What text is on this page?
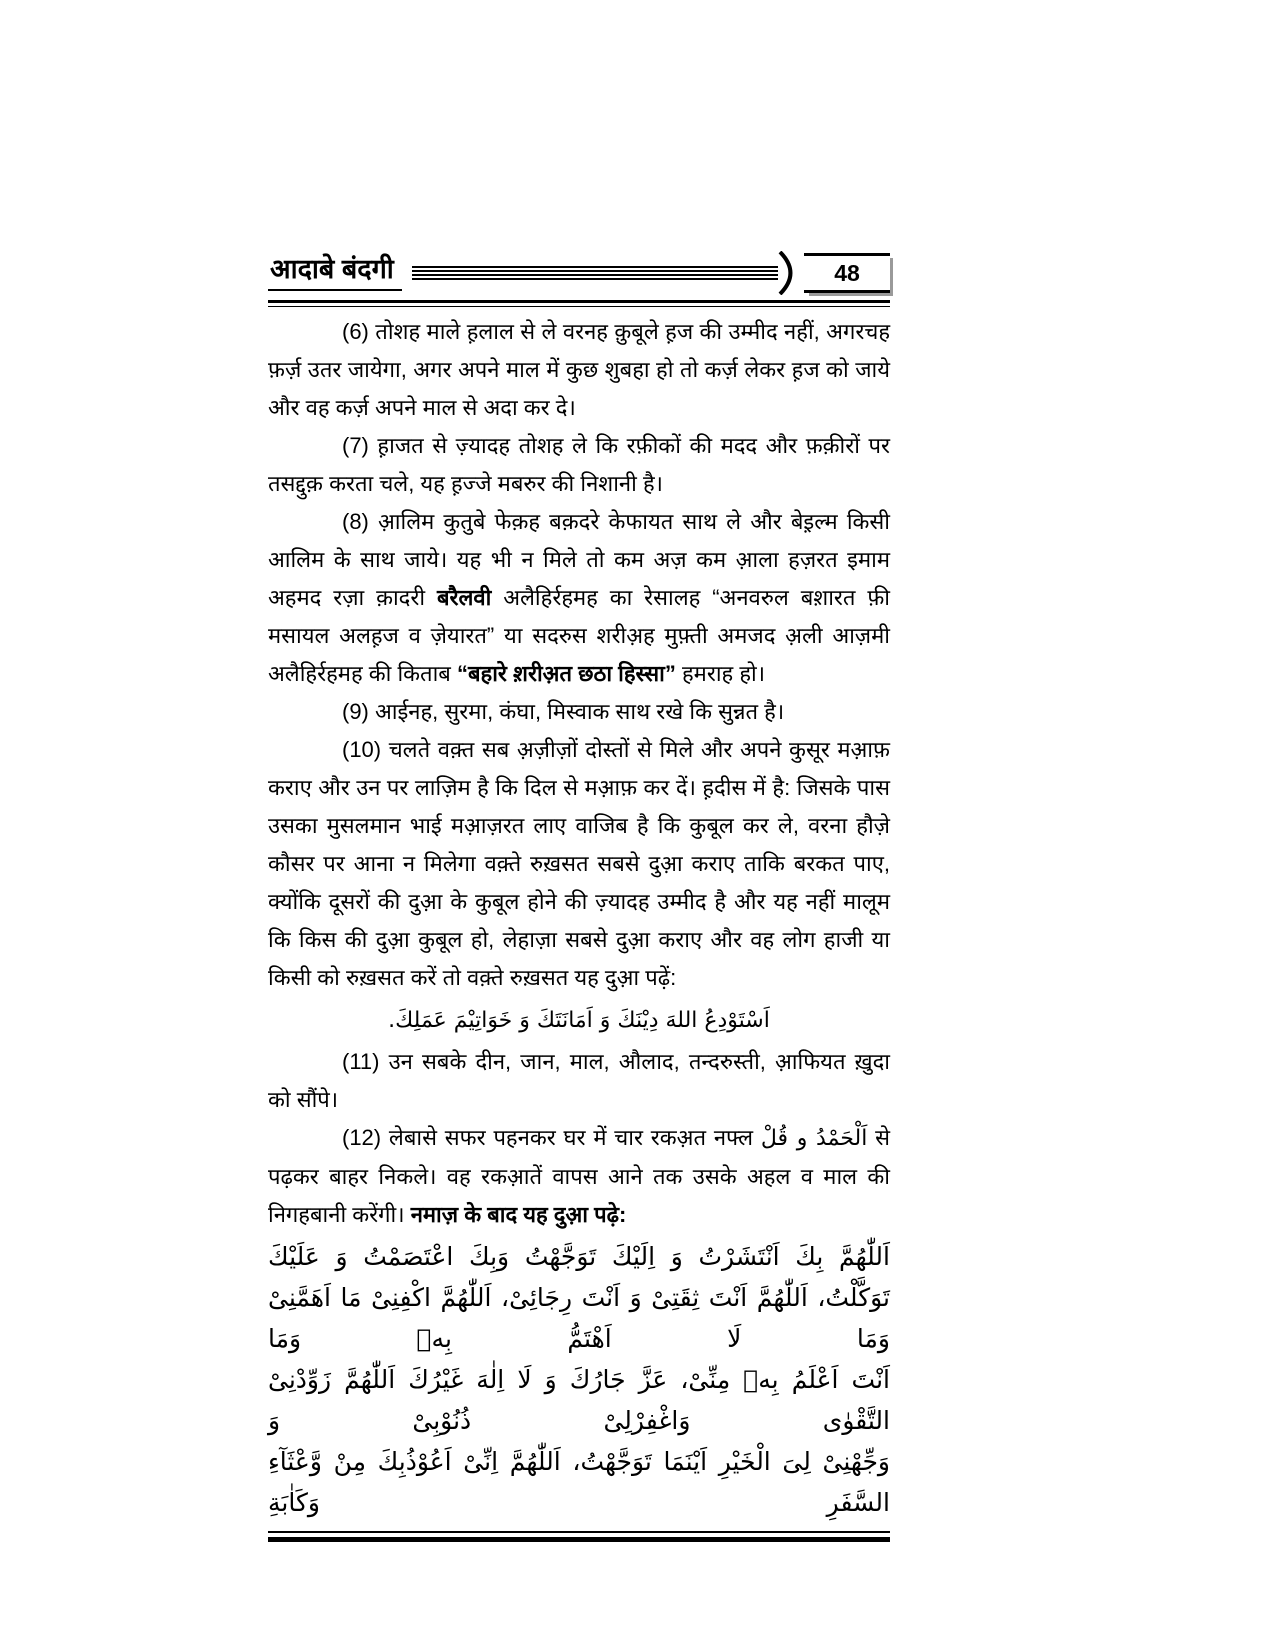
आदाबे बंदगी	48
(6) तोशह माले ह़लाल से ले वरनह कु़बूले ह़ज की उम्मीद नहीं, अगरचह फ़र्ज़ उतर जायेगा, अगर अपने माल में कुछ शुबहा हो तो कर्ज़ लेकर ह़ज को जाये और वह कर्ज़ अपने माल से अदा कर दे।
(7) ह़ाजत से ज़्यादह तोशह ले कि रफ़ीकों की मदद और फ़क़ीरों पर तसद्दुक़ करता चले, यह ह़ज्जे मबरुर की निशानी है।
(8) आ़लिम कुतुबे फेक़ह बक़दरे केफायत साथ ले और बेइ़ल्म किसी आलिम के साथ जाये। यह भी न मिले तो कम अज़ कम आ़ला हज़रत इमाम अहमद रज़ा क़ादरी बरैलवी अलैहिर्रहमह का रेसालह “अनवरुल बश़ारत फ़ी मसायल अलह़ज व ज़ेयारत” या सदरुस शरीअ़ह मुफ़्ती अमजद अ़ली आज़मी अलैहिर्रहमह की किताब “बहारे श़रीअ़त छठा हिस्सा” हमराह हो।
(9) आईनह, सुरमा, कंघा, मिस्वाक साथ रखे कि सुन्नत है।
(10) चलते वक़्त सब अ़ज़ीज़ों दोस्तों से मिले और अपने कुसूर मआ़फ़ कराए और उन पर लाज़िम है कि दिल से मआ़फ़ कर दें। ह़दीस में है: जिसके पास उसका मुसलमान भाई मआ़ज़रत लाए वाजिब है कि कुबूल कर ले, वरना हौज़े कौसर पर आना न मिलेगा वक़्ते रुख़सत सबसे दुआ़ कराए ताकि बरकत पाए, क्योंकि दूसरों की दुआ़ के कुबूल होने की ज़्यादह उम्मीद है और यह नहीं मालूम कि किस की दुआ़ कुबूल हो, लेहाज़ा सबसे दुआ़ कराए और वह लोग हाजी या किसी को रुख़सत करें तो वक़्ते रुख़सत यह दुआ़ पढ़ें:
اَسْتَوْدِعُ اللهَ دِيْنَكَ وَ اَمَانَتَكَ وَ خَوَاتِيْمَ عَمَلِكَ.
(11) उन सबके दीन, जान, माल, औलाद, तन्दरुस्ती, आ़फियत ख़ुदा को सौंपे।
(12) लेबासे सफर पहनकर घर में चार रकअ़त नफ्ल اَلْحَمْدُ و قُلْ से पढ़कर बाहर निकले। वह रकआ़तें वापस आने तक उसके अहल व माल की निगहबानी करेंगी। नमाज़ के बाद यह दुआ़ पढ़े:
اَللّٰهُمَّ بِكَ اَنْتَشَرْتُ وَ اِلَيْكَ تَوَجَّهْتُ وَبِكَ اعْتَصَمْتُ وَ عَلَيْكَ
تَوَكَّلْتُ، اَللّٰهُمَّ اَنْتَ ثِقَتِىْ وَ اَنْتَ رِجَائِىْ، اَللّٰهُمَّ اكْفِنِىْ مَا اَهَمَّنِىْ وَمَا لَا اَهْتَمُّ بِهٖ وَمَا
اَنْتَ اَعْلَمُ بِهٖ مِنِّىْ، عَزَّ جَارُكَ وَ لَا اِلٰهَ غَيْرُكَ اَللّٰهُمَّ زَوِّدْنِىْ التَّقْوٰى وَاغْفِرْلِىْ ذُنُوْبِىْ وَ
وَجِّهْنِىْ لِىَ الْخَيْرِ اَيْنَمَا تَوَجَّهْتُ، اَللّٰهُمَّ اِنِّىْ اَعُوْذُبِكَ مِنْ وَّعْثَآءِ السَّفَرِ وَكَاٰبَةِ
